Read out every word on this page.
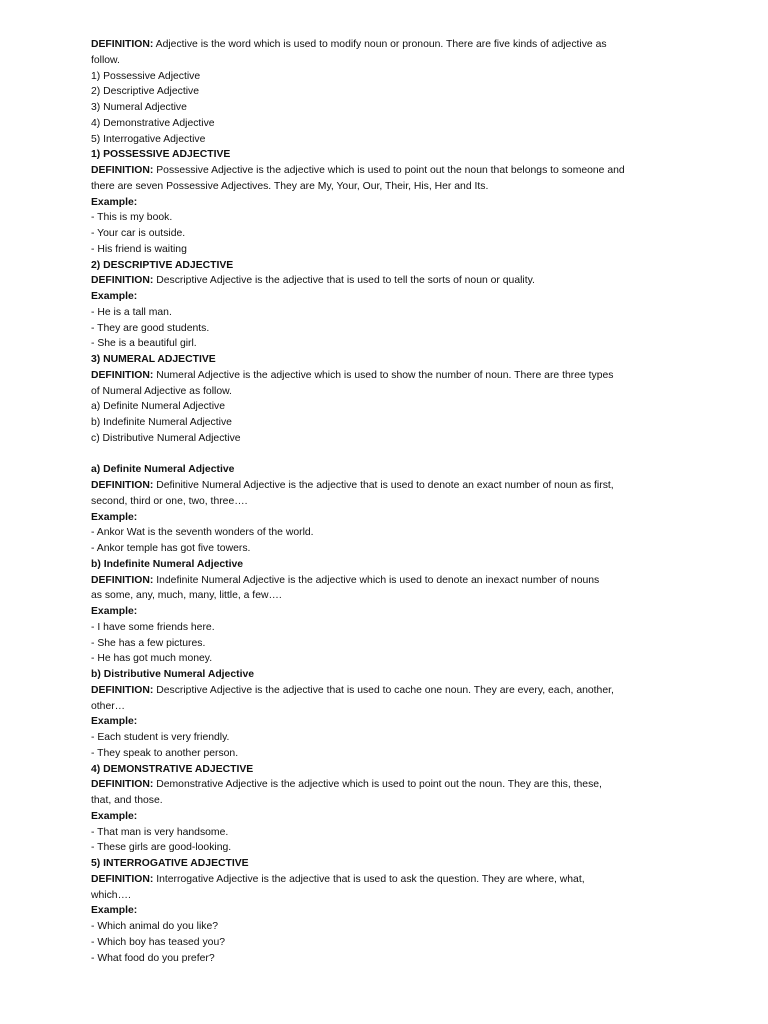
DEFINITION: Adjective is the word which is used to modify noun or pronoun. There are five kinds of adjective as
follow.
1) Possessive Adjective
2) Descriptive Adjective
3) Numeral Adjective
4) Demonstrative Adjective
5) Interrogative Adjective
1) POSSESSIVE ADJECTIVE
DEFINITION: Possessive Adjective is the adjective which is used to point out the noun that belongs to someone and
there are seven Possessive Adjectives. They are My, Your, Our, Their, His, Her and Its.
Example:
- This is my book.
- Your car is outside.
- His friend is waiting
2) DESCRIPTIVE ADJECTIVE
DEFINITION: Descriptive Adjective is the adjective that is used to tell the sorts of noun or quality.
Example:
- He is a tall man.
- They are good students.
- She is a beautiful girl.
3) NUMERAL ADJECTIVE
DEFINITION: Numeral Adjective is the adjective which is used to show the number of noun. There are three types
of Numeral Adjective as follow.
a) Definite Numeral Adjective
b) Indefinite Numeral Adjective
c) Distributive Numeral Adjective
a) Definite Numeral Adjective
DEFINITION: Definitive Numeral Adjective is the adjective that is used to denote an exact number of noun as first,
second, third or one, two, three….
Example:
- Ankor Wat is the seventh wonders of the world.
- Ankor temple has got five towers.
b) Indefinite Numeral Adjective
DEFINITION: Indefinite Numeral Adjective is the adjective which is used to denote an inexact number of nouns
as some, any, much, many, little, a few….
Example:
- I have some friends here.
- She has a few pictures.
- He has got much money.
b) Distributive Numeral Adjective
DEFINITION: Descriptive Adjective is the adjective that is used to cache one noun. They are every, each, another,
other…
Example:
- Each student is very friendly.
- They speak to another person.
4) DEMONSTRATIVE ADJECTIVE
DEFINITION: Demonstrative Adjective is the adjective which is used to point out the noun. They are this, these,
that, and those.
Example:
- That man is very handsome.
- These girls are good-looking.
5) INTERROGATIVE ADJECTIVE
DEFINITION: Interrogative Adjective is the adjective that is used to ask the question. They are where, what,
which….
Example:
- Which animal do you like?
- Which boy has teased you?
- What food do you prefer?
